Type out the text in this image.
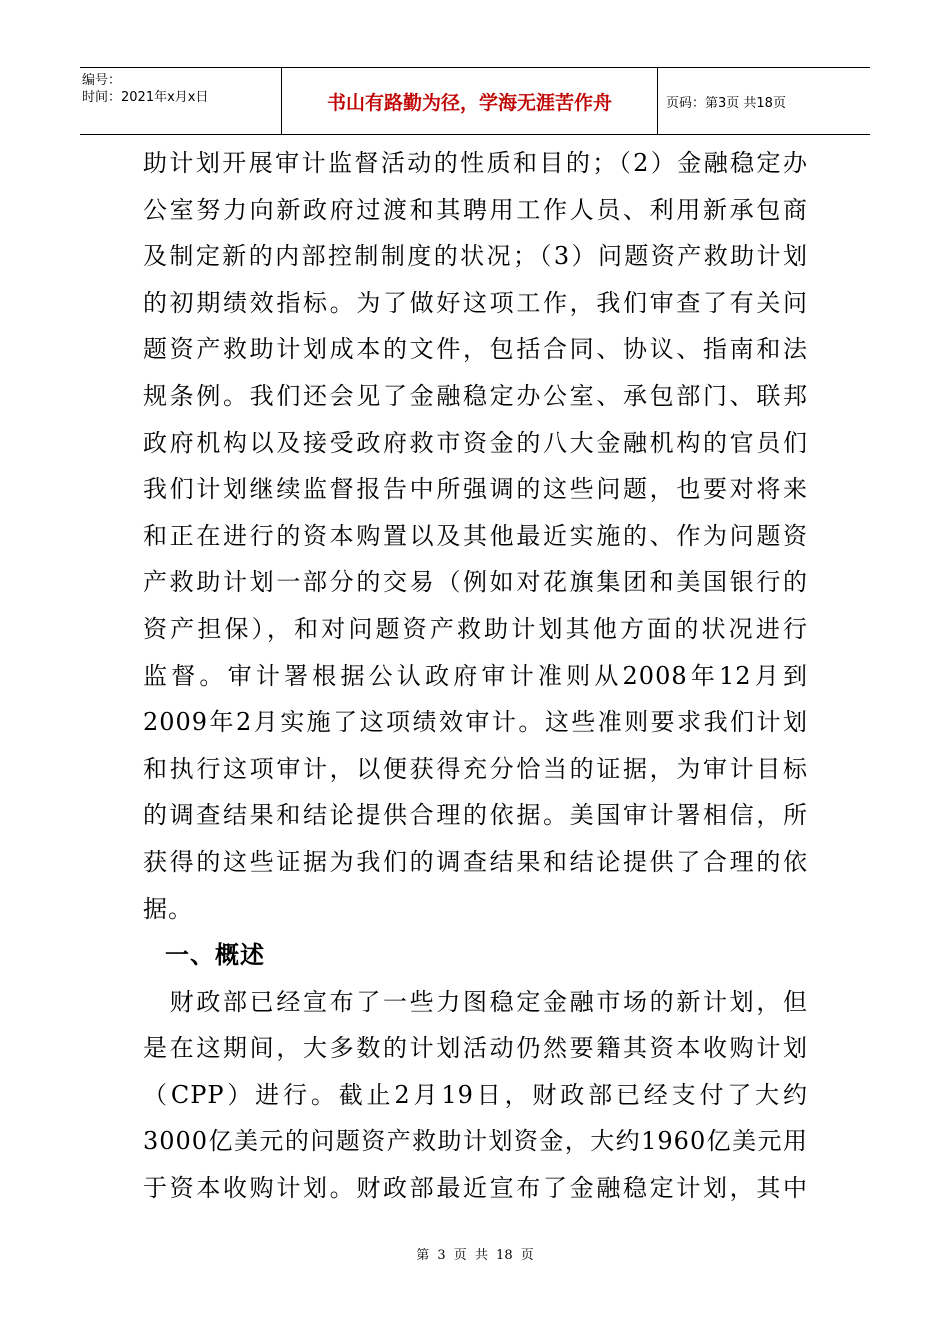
编号：
时间：2021年x月x日	书山有路勤为径，学海无涯苦作舟	页码：第3页 共18页
助计划开展审计监督活动的性质和目的；（2）金融稳定办
公室努力向新政府过渡和其聘用工作人员、利用新承包商
及制定新的内部控制制度的状况；（3）问题资产救助计划
的初期绩效指标。为了做好这项工作，我们审查了有关问
题资产救助计划成本的文件，包括合同、协议、指南和法
规条例。我们还会见了金融稳定办公室、承包部门、联邦
政府机构以及接受政府救市资金的八大金融机构的官员们
我们计划继续监督报告中所强调的这些问题，也要对将来
和正在进行的资本购置以及其他最近实施的、作为问题资
产救助计划一部分的交易（例如对花旗集团和美国银行的
资产担保），和对问题资产救助计划其他方面的状况进行
监督。审计署根据公认政府审计准则从2008年12月到
2009年2月实施了这项绩效审计。这些准则要求我们计划
和执行这项审计，以便获得充分恰当的证据，为审计目标
的调查结果和结论提供合理的依据。美国审计署相信，所
获得的这些证据为我们的调查结果和结论提供了合理的依
据。
一、概述
　财政部已经宣布了一些力图稳定金融市场的新计划，但
是在这期间，大多数的计划活动仍然要籍其资本收购计划
（CPP）进行。截止2月19日，财政部已经支付了大约
3000亿美元的问题资产救助计划资金，大约1960亿美元用
于资本收购计划。财政部最近宣布了金融稳定计划，其中
第 3 页 共 18 页
